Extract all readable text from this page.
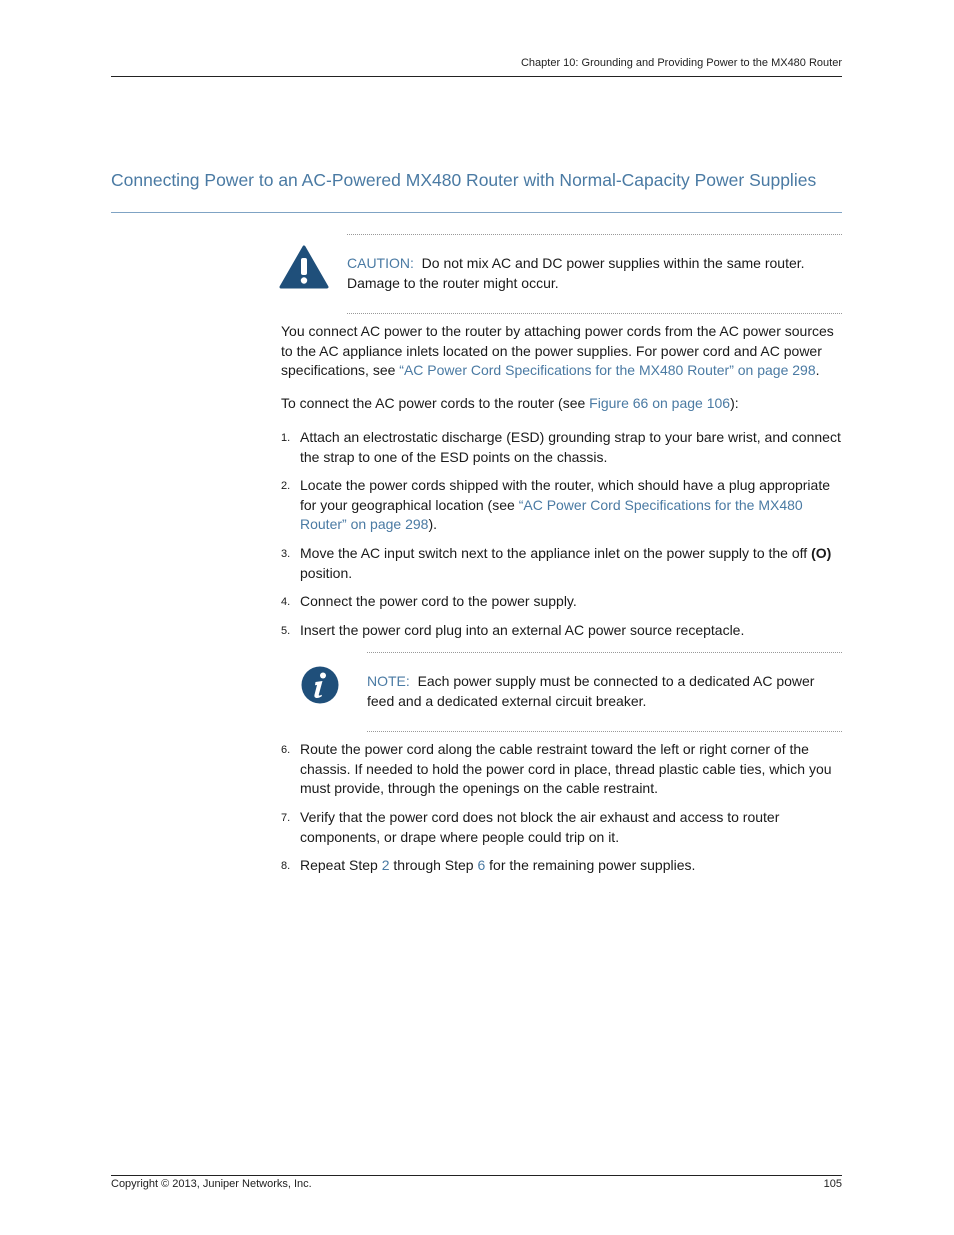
Chapter 10: Grounding and Providing Power to the MX480 Router
Connecting Power to an AC-Powered MX480 Router with Normal-Capacity Power Supplies
CAUTION: Do not mix AC and DC power supplies within the same router. Damage to the router might occur.
You connect AC power to the router by attaching power cords from the AC power sources to the AC appliance inlets located on the power supplies. For power cord and AC power specifications, see “AC Power Cord Specifications for the MX480 Router” on page 298.
To connect the AC power cords to the router (see Figure 66 on page 106):
1. Attach an electrostatic discharge (ESD) grounding strap to your bare wrist, and connect the strap to one of the ESD points on the chassis.
2. Locate the power cords shipped with the router, which should have a plug appropriate for your geographical location (see “AC Power Cord Specifications for the MX480 Router” on page 298).
3. Move the AC input switch next to the appliance inlet on the power supply to the off (O) position.
4. Connect the power cord to the power supply.
5. Insert the power cord plug into an external AC power source receptacle.
NOTE: Each power supply must be connected to a dedicated AC power feed and a dedicated external circuit breaker.
6. Route the power cord along the cable restraint toward the left or right corner of the chassis. If needed to hold the power cord in place, thread plastic cable ties, which you must provide, through the openings on the cable restraint.
7. Verify that the power cord does not block the air exhaust and access to router components, or drape where people could trip on it.
8. Repeat Step 2 through Step 6 for the remaining power supplies.
Copyright © 2013, Juniper Networks, Inc.	105
